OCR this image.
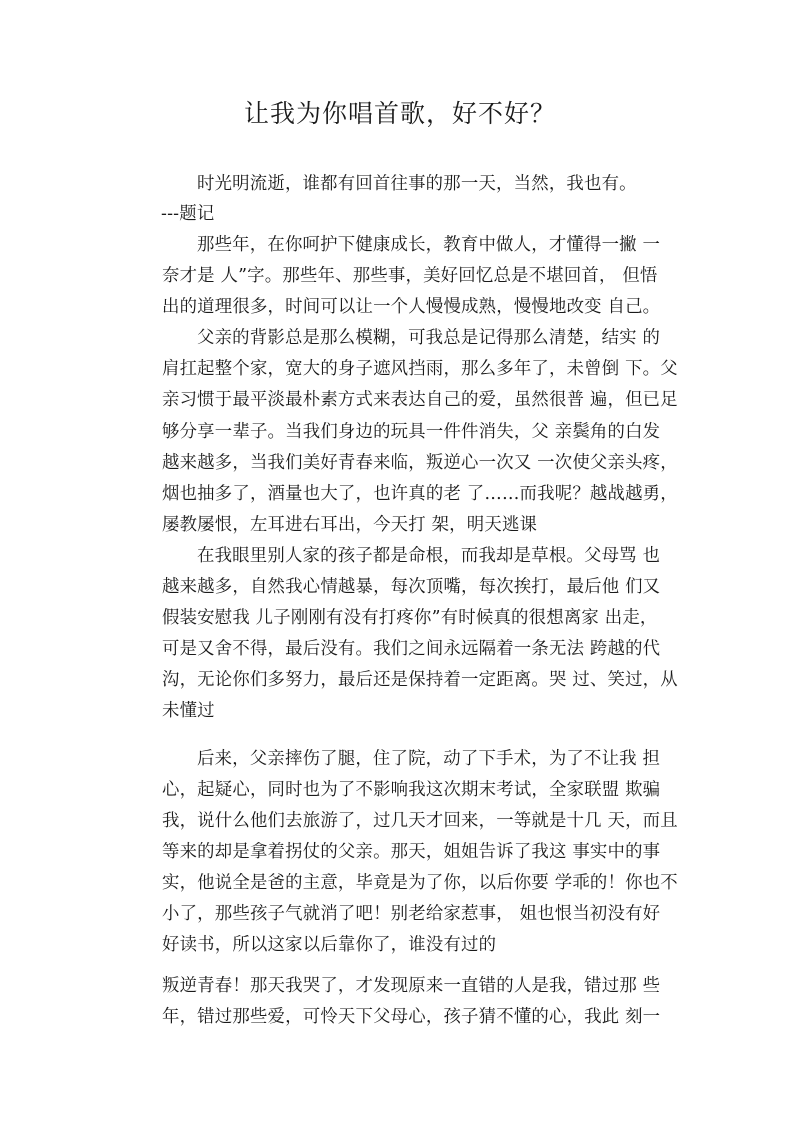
让我为你唱首歌，好不好？
时光明流逝，谁都有回首往事的那一天，当然，我也有。
---题记
那些年，在你呵护下健康成长，教育中做人，才懂得一撇 一
奈才是 人”字。那些年、那些事，美好回忆总是不堪回首， 但悟
出的道理很多，时间可以让一个人慢慢成熟，慢慢地改变 自己。
父亲的背影总是那么模糊，可我总是记得那么清楚，结实 的
肩扛起整个家，宽大的身子遮风挡雨，那么多年了，未曾倒 下。父
亲习惯于最平淡最朴素方式来表达自己的爱，虽然很普 遍，但已足
够分享一辈子。当我们身边的玩具一件件消失，父 亲鬓角的白发
越来越多，当我们美好青春来临，叛逆心一次又 一次使父亲头疼，
烟也抽多了，酒量也大了，也许真的老 了……而我呢？越战越勇，
屡教屡恨，左耳进右耳出，今天打 架，明天逃课
在我眼里别人家的孩子都是命根，而我却是草根。父母骂 也
越来越多，自然我心情越暴，每次顶嘴，每次挨打，最后他 们又
假装安慰我 儿子刚刚有没有打疼你”有时候真的很想离家 出走，
可是又舍不得，最后没有。我们之间永远隔着一条无法 跨越的代
沟，无论你们多努力，最后还是保持着一定距离。哭 过、笑过，从
未懂过
后来，父亲摔伤了腿，住了院，动了下手术，为了不让我 担
心，起疑心，同时也为了不影响我这次期末考试，全家联盟 欺骗
我，说什么他们去旅游了，过几天才回来，一等就是十几 天，而且
等来的却是拿着拐仗的父亲。那天，姐姐告诉了我这 事实中的事
实，他说全是爸的主意，毕竟是为了你，以后你要 学乖的！你也不
小了，那些孩子气就消了吧！别老给家惹事， 姐也恨当初没有好
好读书，所以这家以后靠你了，谁没有过的
叛逆青春！那天我哭了，才发现原来一直错的人是我，错过那 些
年，错过那些爱，可怜天下父母心，孩子猜不懂的心，我此 刻一
